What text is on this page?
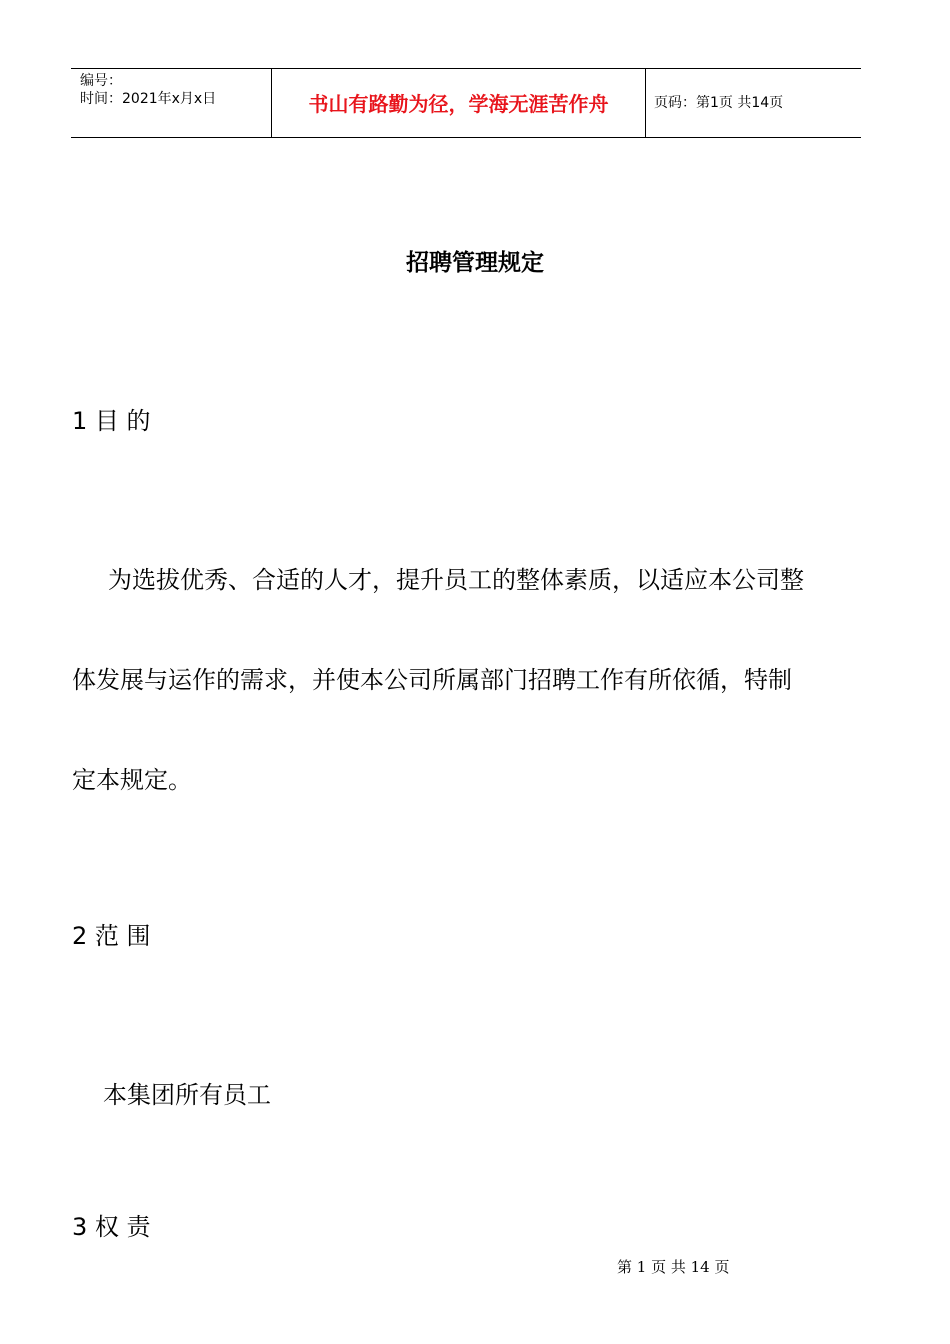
编号：
时间：2021年x月x日	书山有路勤为径，学海无涯苦作舟	页码：第1页 共14页
招聘管理规定
1 目 的
为选拔优秀、合适的人才，提升员工的整体素质，以适应本公司整
体发展与运作的需求，并使本公司所属部门招聘工作有所依循，特制
定本规定。
2 范 围
本集团所有员工
3 权 责
第 1 页 共 14 页
